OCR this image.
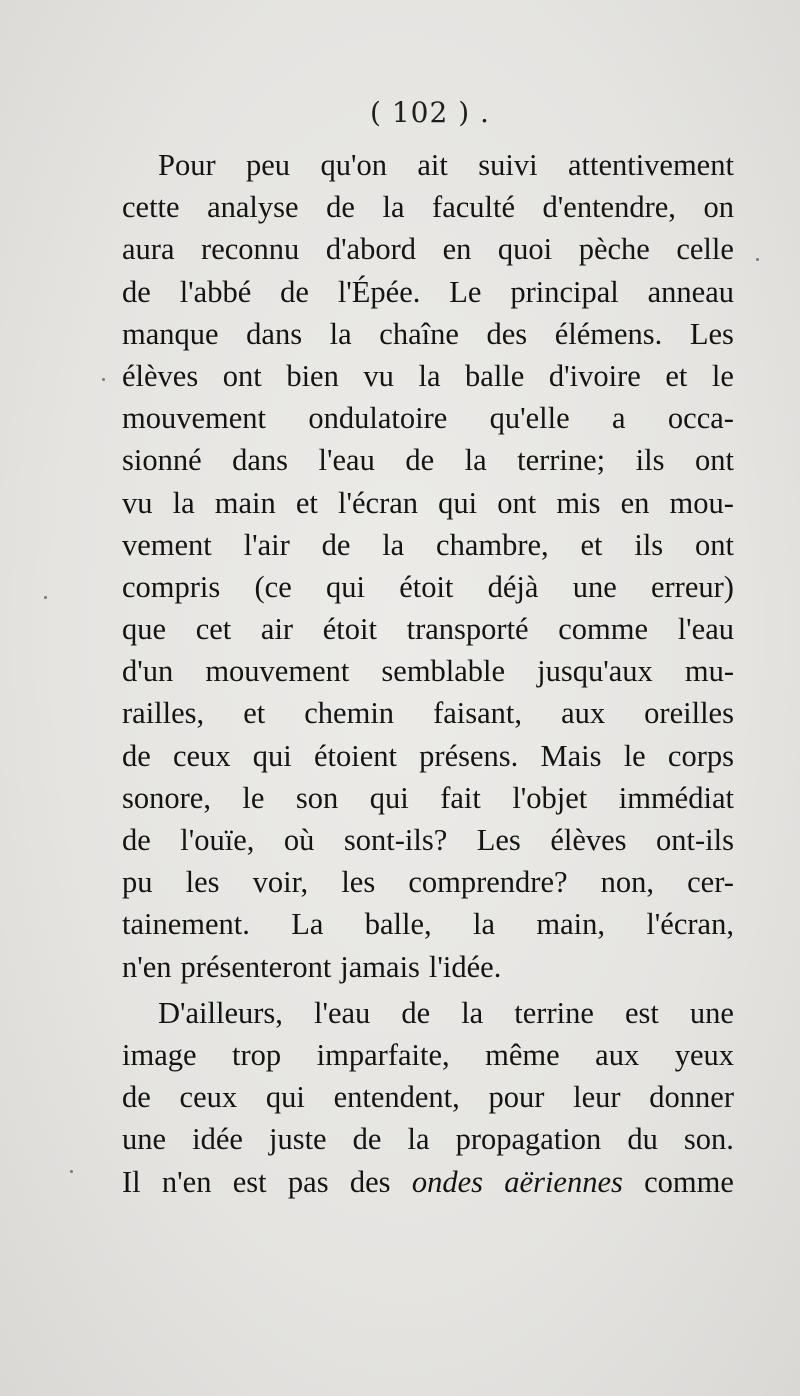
( 102 ) .
Pour peu qu'on ait suivi attentivement
cette analyse de la faculté d'entendre, on
aura reconnu d'abord en quoi pèche celle
de l'abbé de l'Épée. Le principal anneau
manque dans la chaîne des élémens. Les
élèves ont bien vu la balle d'ivoire et le
mouvement ondulatoire qu'elle a occa-
sionné dans l'eau de la terrine; ils ont
vu la main et l'écran qui ont mis en mou-
vement l'air de la chambre, et ils ont
compris (ce qui étoit déjà une erreur)
que cet air étoit transporté comme l'eau
d'un mouvement semblable jusqu'aux mu-
railles, et chemin faisant, aux oreilles
de ceux qui étoient présens. Mais le corps
sonore, le son qui fait l'objet immédiat
de l'ouïe, où sont-ils? Les élèves ont-ils
pu les voir, les comprendre? non, cer-
tainement. La balle, la main, l'écran,
n'en présenteront jamais l'idée.
D'ailleurs, l'eau de la terrine est une
image trop imparfaite, même aux yeux
de ceux qui entendent, pour leur donner
une idée juste de la propagation du son.
Il n'en est pas des ondes aëriennes comme
